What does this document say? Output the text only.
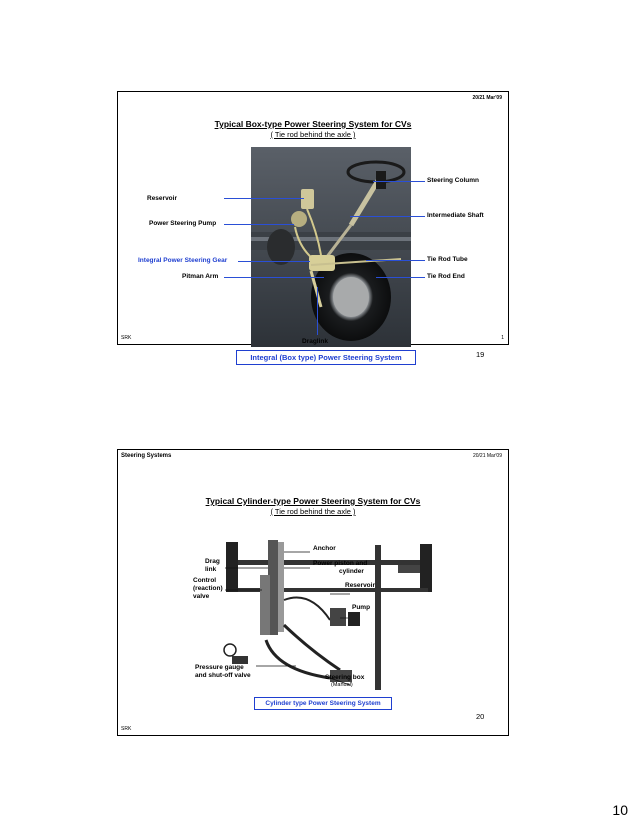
20/21 Mar'09
Typical Box-type Power Steering System for CVs
( Tie rod behind the axle )
Steering Column
Reservoir
Intermediate Shaft
Power Steering Pump
Integral Power Steering Gear	Tie Rod Tube
Pitman Arm	Tie Rod End
Draglink
Integral (Box type) Power Steering System	19
SRK	1
Steering Systems	20/21 Mar'09
Typical Cylinder-type Power Steering System for CVs
( Tie rod behind the axle )
Anchor
Drag
link
Power piston and
cylinder
Control
(reaction)
valve
Reservoir
Pump
Pressure gauge
and shut-off valve	Steering box
(Manual)
Cylinder type Power Steering System
20
SRK
10
